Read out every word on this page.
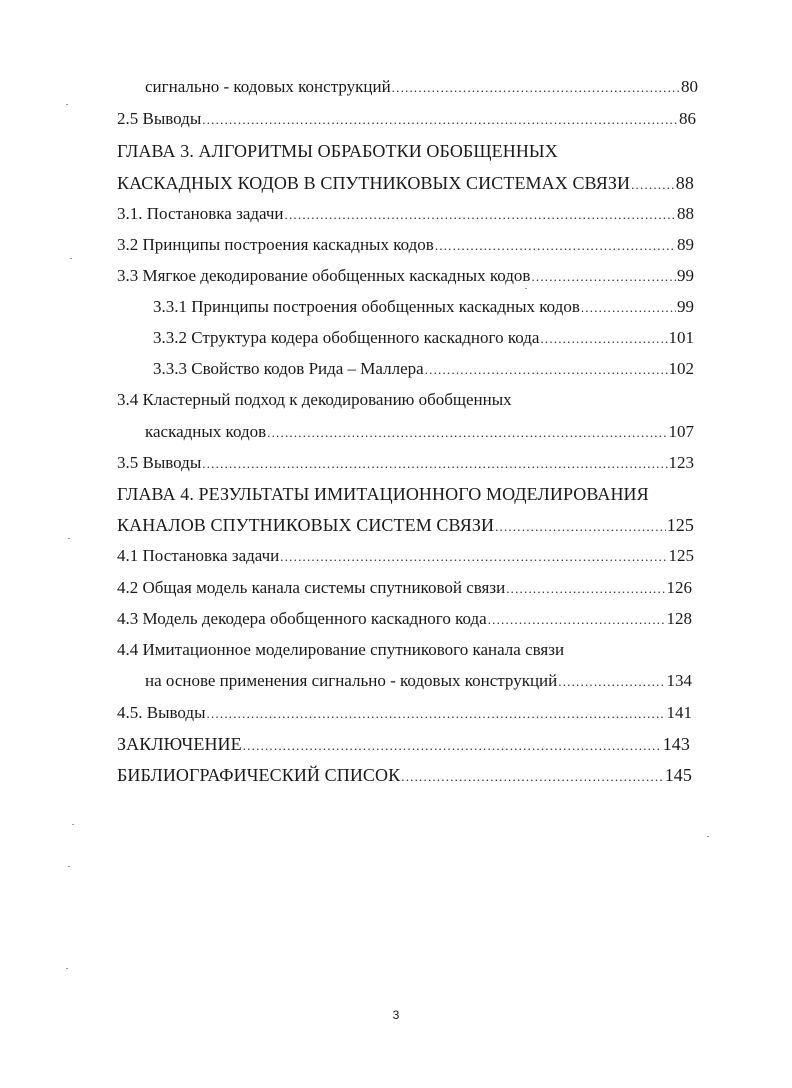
сигнально - кодовых конструкций .....	80
2.5 Выводы .....	86
ГЛАВА 3. АЛГОРИТМЫ ОБРАБОТКИ ОБОБЩЕННЫХ
КАСКАДНЫХ КОДОВ В СПУТНИКОВЫХ СИСТЕМАХ СВЯЗИ .....	88
3.1. Постановка задачи .....	88
3.2 Принципы построения каскадных кодов .....	89
3.3 Мягкое декодирование обобщенных каскадных кодов .....	99
3.3.1 Принципы построения обобщенных каскадных кодов .....	99
3.3.2 Структура кодера обобщенного каскадного кода .....	101
3.3.3 Свойство кодов Рида – Маллера .....	102
3.4 Кластерный подход к декодированию обобщенных
каскадных кодов .....	107
3.5 Выводы .....	123
ГЛАВА 4. РЕЗУЛЬТАТЫ ИМИТАЦИОННОГО МОДЕЛИРОВАНИЯ
КАНАЛОВ СПУТНИКОВЫХ СИСТЕМ СВЯЗИ .....	125
4.1 Постановка задачи .....	125
4.2 Общая модель канала системы спутниковой связи .....	126
4.3 Модель декодера обобщенного каскадного кода .....	128
4.4 Имитационное моделирование спутникового канала связи
на основе применения сигнально - кодовых конструкций .....	134
4.5. Выводы .....	141
ЗАКЛЮЧЕНИЕ .....	143
БИБЛИОГРАФИЧЕСКИЙ СПИСОК .....	145
3
